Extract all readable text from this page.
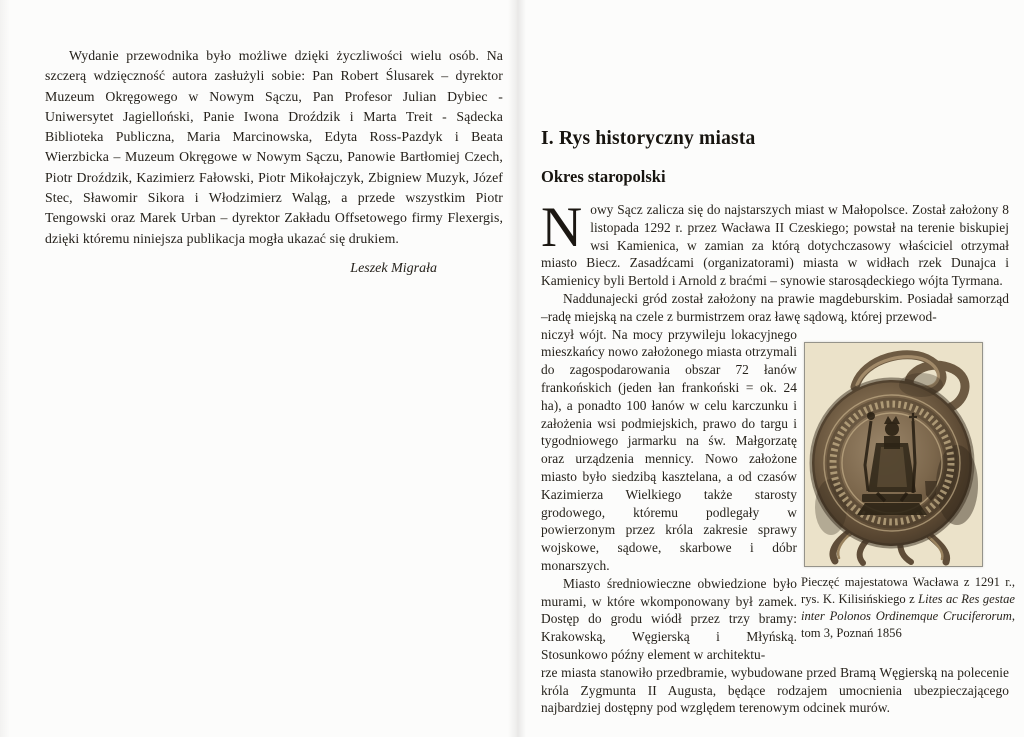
Wydanie przewodnika było możliwe dzięki życzliwości wielu osób. Na szczerą wdzięczność autora zasłużyli sobie: Pan Robert Ślusarek – dyrektor Muzeum Okręgowego w Nowym Sączu, Pan Profesor Julian Dybiec - Uniwersytet Jagielloński, Panie Iwona Droździk i Marta Treit - Sądecka Biblioteka Publiczna, Maria Marcinowska, Edyta Ross-Pazdyk i Beata Wierzbicka – Muzeum Okręgowe w Nowym Sączu, Panowie Bartłomiej Czech, Piotr Droździk, Kazimierz Fałowski, Piotr Mikołajczyk, Zbigniew Muzyk, Józef Stec, Sławomir Sikora i Włodzimierz Waląg, a przede wszystkim Piotr Tengowski oraz Marek Urban – dyrektor Zakładu Offsetowego firmy Flexergis, dzięki któremu niniejsza publikacja mogła ukazać się drukiem.

Leszek Migrała

I. Rys historyczny miasta
Okres staropolski

Nowy Sącz zalicza się do najstarszych miast w Małopolsce. Został założony 8 listopada 1292 r. przez Wacława II Czeskiego; powstał na terenie biskupiej wsi Kamienica, w zamian za którą dotychczasowy właściciel otrzymał miasto Biecz. Zasadźcami (organizatorami) miasta w widłach rzek Dunajca i Kamienicy byli Bertold i Arnold z braćmi – synowie starosądeckiego wójta Tyrmana.

Naddunajecki gród został założony na prawie magdeburskim. Posiadał samorząd –radę miejską na czele z burmistrzem oraz ławę sądową, której przewod-

niczył wójt. Na mocy przywileju lokacyjnego mieszkańcy nowo założonego miasta otrzymali do zagospodarowania obszar 72 łanów frankońskich (jeden łan frankoński = ok. 24 ha), a ponadto 100 łanów w celu karczunku i założenia wsi podmiejskich, prawo do targu i tygodniowego jarmarku na św. Małgorzatę oraz urządzenia mennicy. Nowo założone miasto było siedzibą kasztelana, a od czasów Kazimierza Wielkiego także starosty grodowego, któremu podlegały w powierzonym przez króla zakresie sprawy wojskowe, sądowe, skarbowe i dóbr monarszych.

Miasto średniowieczne obwiedzione było murami, w które wkomponowany był zamek. Dostęp do grodu wiódł przez trzy bramy: Krakowską, Węgierską i Młyńską. Stosunkowo późny element w architektu-

rze miasta stanowiło przedbramie, wybudowane przed Bramą Węgierską na polecenie króla Zygmunta II Augusta, będące rodzajem umocnienia ubezpieczającego najbardziej dostępny pod względem terenowym odcinek murów.

Pieczęć majestatowa Wacława z 1291 r., rys. K. Kilisińskiego z Lites ac Res gestae inter Polonos Ordinemque Cruciferorum, tom 3, Poznań 1856
